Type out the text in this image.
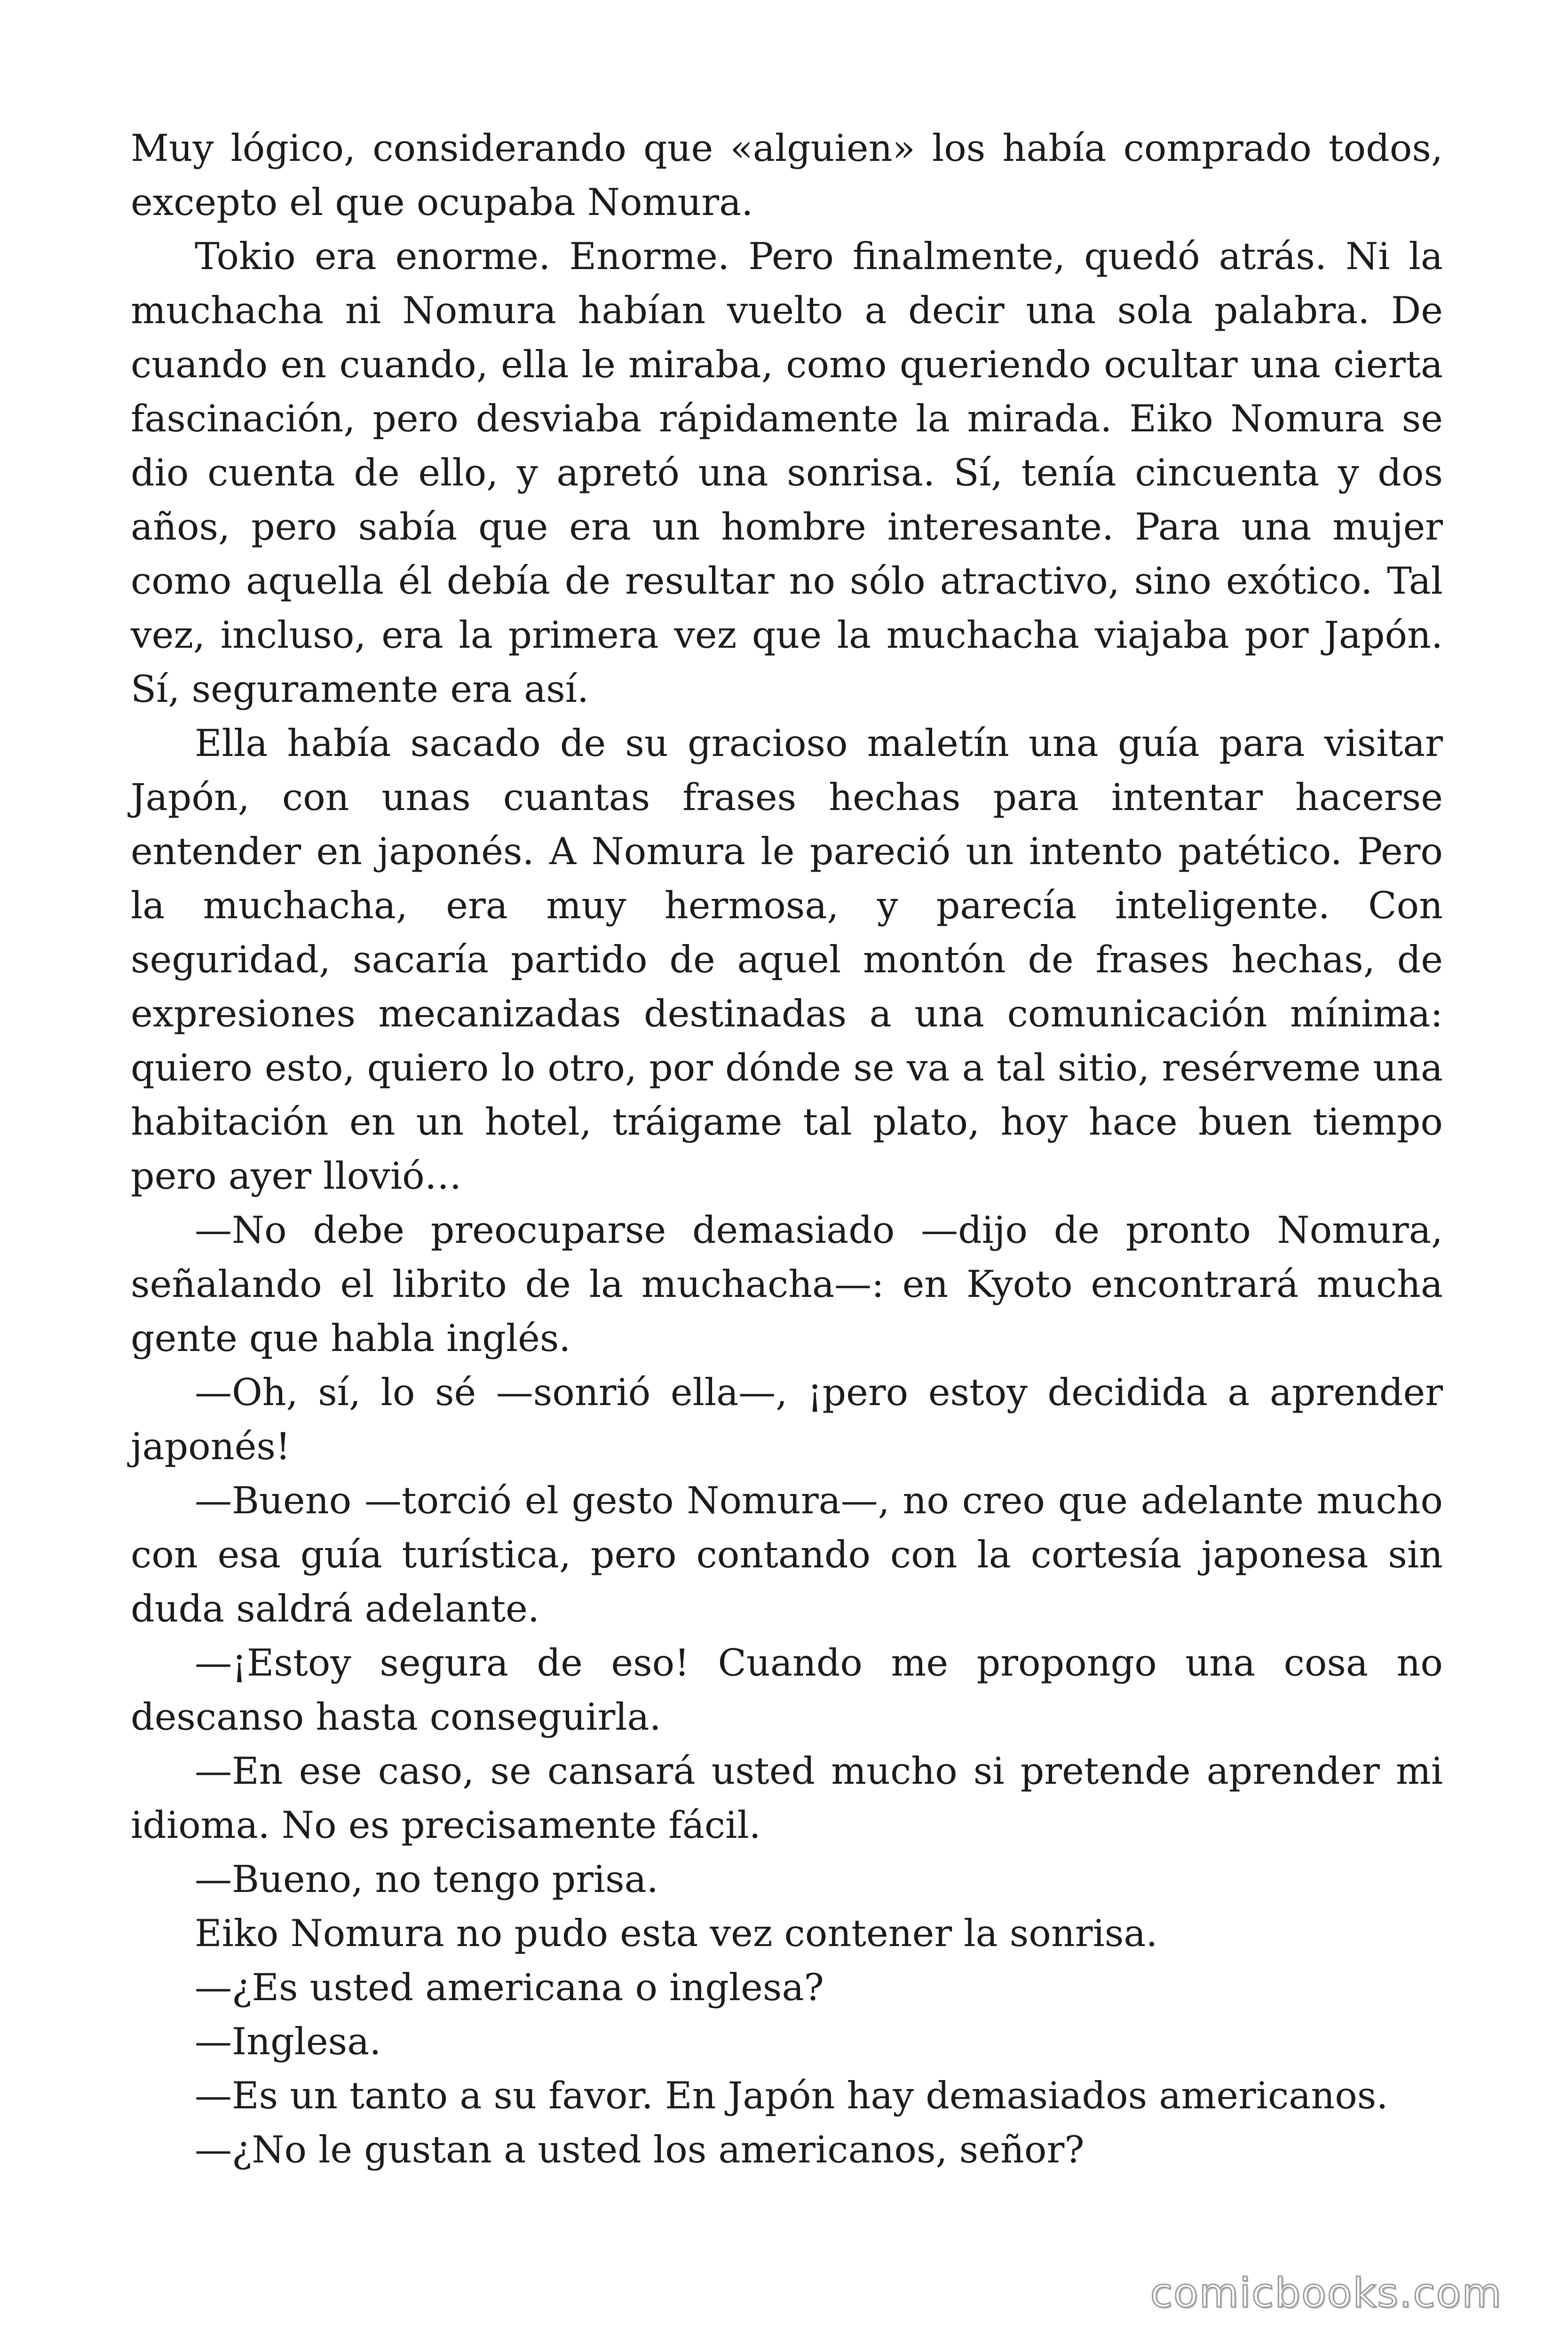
Muy lógico, considerando que «alguien» los había comprado todos, excepto el que ocupaba Nomura.

Tokio era enorme. Enorme. Pero finalmente, quedó atrás. Ni la muchacha ni Nomura habían vuelto a decir una sola palabra. De cuando en cuando, ella le miraba, como queriendo ocultar una cierta fascinación, pero desviaba rápidamente la mirada. Eiko Nomura se dio cuenta de ello, y apretó una sonrisa. Sí, tenía cincuenta y dos años, pero sabía que era un hombre interesante. Para una mujer como aquella él debía de resultar no sólo atractivo, sino exótico. Tal vez, incluso, era la primera vez que la muchacha viajaba por Japón. Sí, seguramente era así.

Ella había sacado de su gracioso maletín una guía para visitar Japón, con unas cuantas frases hechas para intentar hacerse entender en japonés. A Nomura le pareció un intento patético. Pero la muchacha, era muy hermosa, y parecía inteligente. Con seguridad, sacaría partido de aquel montón de frases hechas, de expresiones mecanizadas destinadas a una comunicación mínima: quiero esto, quiero lo otro, por dónde se va a tal sitio, resérveme una habitación en un hotel, tráigame tal plato, hoy hace buen tiempo pero ayer llovió…

—No debe preocuparse demasiado —dijo de pronto Nomura, señalando el librito de la muchacha—: en Kyoto encontrará mucha gente que habla inglés.

—Oh, sí, lo sé —sonrió ella—, ¡pero estoy decidida a aprender japonés!

—Bueno —torció el gesto Nomura—, no creo que adelante mucho con esa guía turística, pero contando con la cortesía japonesa sin duda saldrá adelante.

—¡Estoy segura de eso! Cuando me propongo una cosa no descanso hasta conseguirla.

—En ese caso, se cansará usted mucho si pretende aprender mi idioma. No es precisamente fácil.

—Bueno, no tengo prisa.

Eiko Nomura no pudo esta vez contener la sonrisa.

—¿Es usted americana o inglesa?

—Inglesa.

—Es un tanto a su favor. En Japón hay demasiados americanos.

—¿No le gustan a usted los americanos, señor?

comicbooks.com
